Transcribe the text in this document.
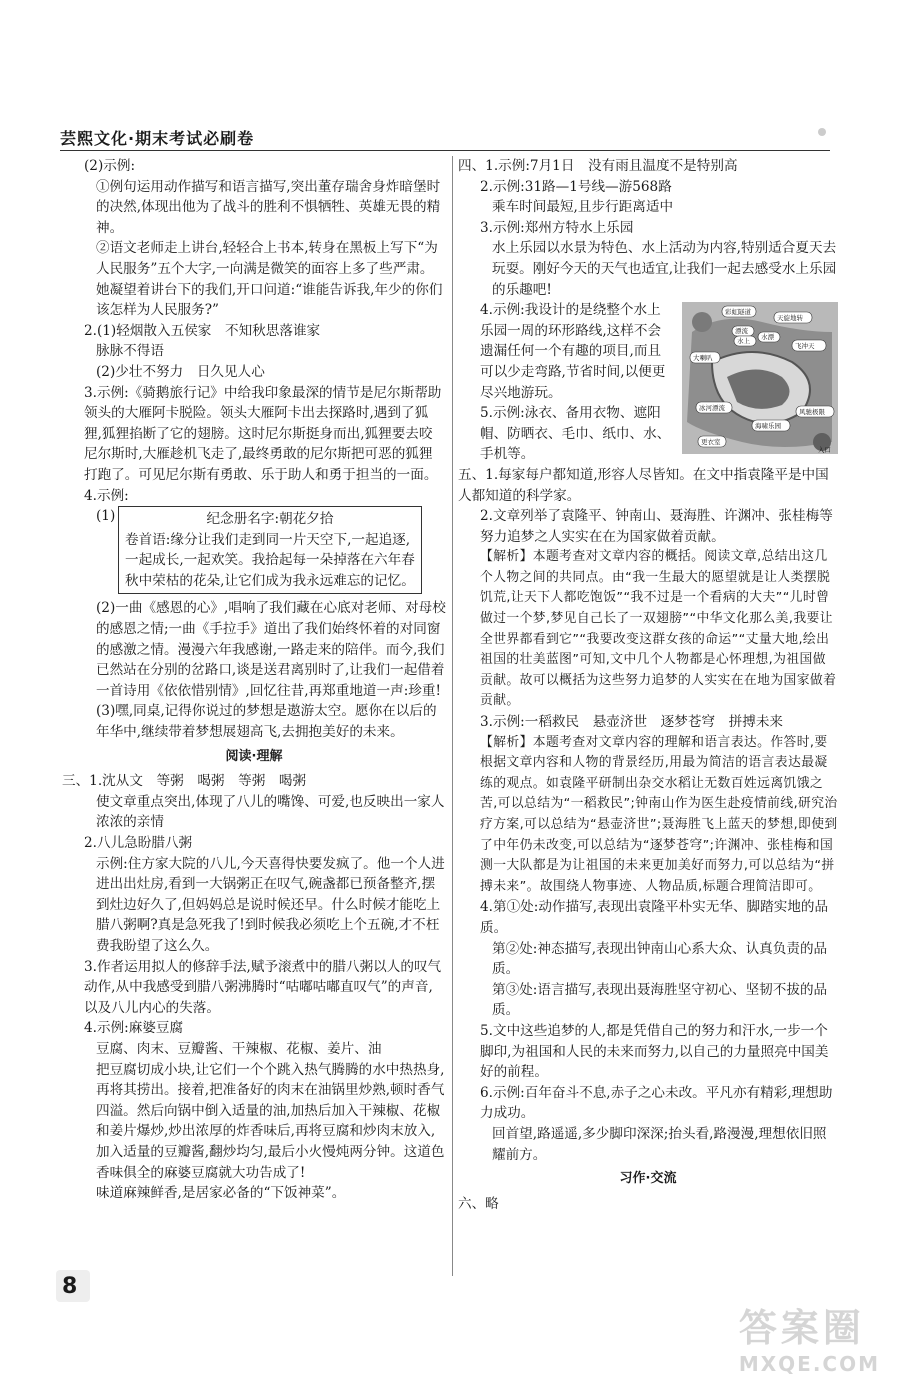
芸熙文化·期末考试必刷卷

(2)示例:

①例句运用动作描写和语言描写,突出董存瑞舍身炸暗堡时的决然,体现出他为了战斗的胜利不惧牺牲、英雄无畏的精神。

②语文老师走上讲台,轻轻合上书本,转身在黑板上写下“为人民服务”五个大字,一向满是微笑的面容上多了些严肃。她凝望着讲台下的我们,开口问道:“谁能告诉我,年少的你们该怎样为人民服务?”

2.(1)轻烟散入五侯家　不知秋思落谁家

脉脉不得语

(2)少壮不努力　日久见人心

3.示例:《骑鹅旅行记》中给我印象最深的情节是尼尔斯帮助领头的大雁阿卡脱险。领头大雁阿卡出去探路时,遇到了狐狸,狐狸掐断了它的翅膀。这时尼尔斯挺身而出,狐狸要去咬尼尔斯时,大雁趁机飞走了,最终勇敢的尼尔斯把可恶的狐狸打跑了。可见尼尔斯有勇敢、乐于助人和勇于担当的一面。

4.示例:

(1)	纪念册名字:朝花夕拾
卷首语:缘分让我们走到同一片天空下,一起追逐,一起成长,一起欢笑。我拾起每一朵掉落在六年春秋中荣枯的花朵,让它们成为我永远难忘的记忆。

(2)一曲《感恩的心》,唱响了我们藏在心底对老师、对母校的感恩之情;一曲《手拉手》道出了我们始终怀着的对同窗的感激之情。漫漫六年我感谢,一路走来的陪伴。而今,我们已然站在分别的岔路口,谈是送君离别时了,让我们一起借着一首诗用《依依惜别情》,回忆往昔,再郑重地道一声:珍重!

(3)嘿,同桌,记得你说过的梦想是遨游太空。愿你在以后的年华中,继续带着梦想展翅高飞,去拥抱美好的未来。

阅读·理解

三、1.沈从文　等粥　喝粥　等粥　喝粥

使文章重点突出,体现了八儿的嘴馋、可爱,也反映出一家人浓浓的亲情

2.八儿急盼腊八粥

示例:住方家大院的八儿,今天喜得快要发疯了。他一个人进进出出灶房,看到一大锅粥正在叹气,碗盏都已预备整齐,摆到灶边好久了,但妈妈总是说时候还早。什么时候才能吃上腊八粥啊?真是急死我了!到时候我必须吃上个五碗,才不枉费我盼望了这么久。

3.作者运用拟人的修辞手法,赋予滚煮中的腊八粥以人的叹气动作,从中我感受到腊八粥沸腾时“咕嘟咕嘟直叹气”的声音,以及八儿内心的失落。

4.示例:麻婆豆腐

豆腐、肉末、豆瓣酱、干辣椒、花椒、姜片、油

把豆腐切成小块,让它们一个个跳入热气腾腾的水中热热身,再将其捞出。接着,把准备好的肉末在油锅里炒熟,顿时香气四溢。然后向锅中倒入适量的油,加热后加入干辣椒、花椒和姜片爆炒,炒出浓厚的炸香味后,再将豆腐和炒肉末放入,加入适量的豆瓣酱,翻炒均匀,最后小火慢炖两分钟。这道色香味俱全的麻婆豆腐就大功告成了!

味道麻辣鲜香,是居家必备的“下饭神菜”。

四、1.示例:7月1日　没有雨且温度不是特别高

2.示例:31路—1号线—游568路

乘车时间最短,且步行距离适中

3.示例:郑州方特水上乐园

水上乐园以水景为特色、水上活动为内容,特别适合夏天去玩耍。刚好今天的天气也适宜,让我们一起去感受水上乐园的乐趣吧!

彩虹隧道
天旋地转
漂流
飞冲天
大喇叭
水上 水漂
冰河漂流	风驰极限
海啸乐园
更衣室
入口

4.示例:我设计的是绕整个水上乐园一周的环形路线,这样不会遗漏任何一个有趣的项目,而且可以少走弯路,节省时间,以便更尽兴地游玩。

5.示例:泳衣、备用衣物、遮阳帽、防晒衣、毛巾、纸巾、水、手机等。

五、1.每家每户都知道,形容人尽皆知。在文中指袁隆平是中国人都知道的科学家。

2.文章列举了袁隆平、钟南山、聂海胜、许渊冲、张桂梅等努力追梦之人实实在在为国家做着贡献。

【解析】本题考查对文章内容的概括。阅读文章,总结出这几个人物之间的共同点。由“我一生最大的愿望就是让人类摆脱饥荒,让天下人都吃饱饭”“我不过是一个看病的大夫”“儿时曾做过一个梦,梦见自己长了一双翅膀”“中华文化那么美,我要让全世界都看到它”“我要改变这群女孩的命运”“丈量大地,绘出祖国的壮美蓝图”可知,文中几个人物都是心怀理想,为祖国做贡献。故可以概括为这些努力追梦的人实实在在地为国家做着贡献。

3.示例:一稻救民　悬壶济世　逐梦苍穹　拼搏未来

【解析】本题考查对文章内容的理解和语言表达。作答时,要根据文章内容和人物的背景经历,用最为简洁的语言表达最凝练的观点。如袁隆平研制出杂交水稻让无数百姓远离饥饿之苦,可以总结为“一稻救民”;钟南山作为医生赴疫情前线,研究治疗方案,可以总结为“悬壶济世”;聂海胜飞上蓝天的梦想,即使到了中年仍未改变,可以总结为“逐梦苍穹”;许渊冲、张桂梅和国测一大队都是为让祖国的未来更加美好而努力,可以总结为“拼搏未来”。故围绕人物事迹、人物品质,标题合理简洁即可。

4.第①处:动作描写,表现出袁隆平朴实无华、脚踏实地的品质。

第②处:神态描写,表现出钟南山心系大众、认真负责的品质。

第③处:语言描写,表现出聂海胜坚守初心、坚韧不拔的品质。

5.文中这些追梦的人,都是凭借自己的努力和汗水,一步一个脚印,为祖国和人民的未来而努力,以自己的力量照亮中国美好的前程。

6.示例:百年奋斗不息,赤子之心未改。平凡亦有精彩,理想助力成功。

回首望,路遥遥,多少脚印深深;抬头看,路漫漫,理想依旧照耀前方。

习作·交流

六、略

8
答案圈
MXQE.COM
